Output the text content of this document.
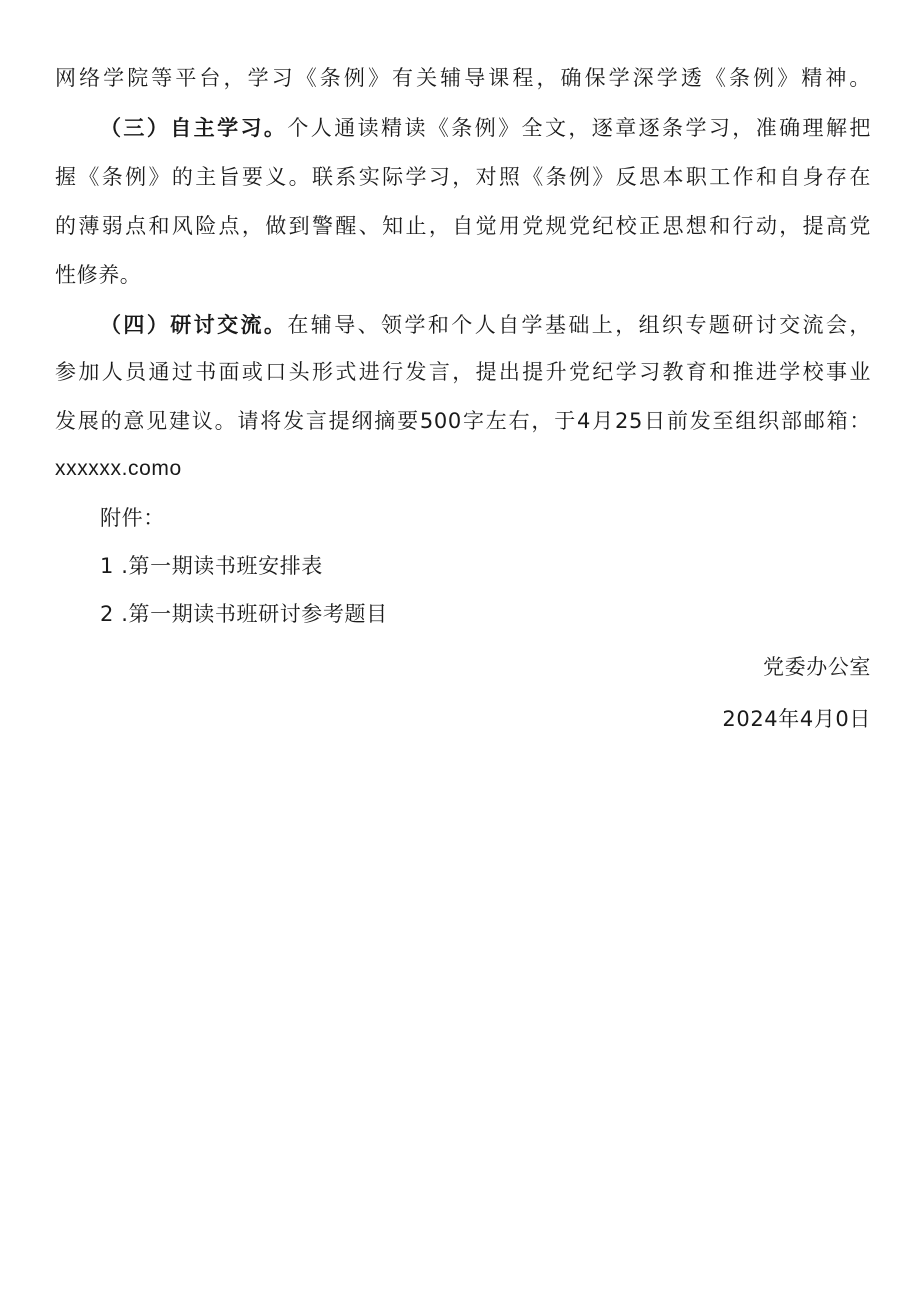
网络学院等平台，学习《条例》有关辅导课程，确保学深学透《条例》精神。
（三）自主学习。个人通读精读《条例》全文，逐章逐条学习，准确理解把
握《条例》的主旨要义。联系实际学习，对照《条例》反思本职工作和自身存在
的薄弱点和风险点，做到警醒、知止，自觉用党规党纪校正思想和行动，提高党
性修养。
（四）研讨交流。在辅导、领学和个人自学基础上，组织专题研讨交流会，
参加人员通过书面或口头形式进行发言，提出提升党纪学习教育和推进学校事业
发展的意见建议。请将发言提纲摘要500字左右，于4月25日前发至组织部邮箱：
xxxxxx.como
附件：
1 .第一期读书班安排表
2 .第一期读书班研讨参考题目
党委办公室
2024年4月0日
